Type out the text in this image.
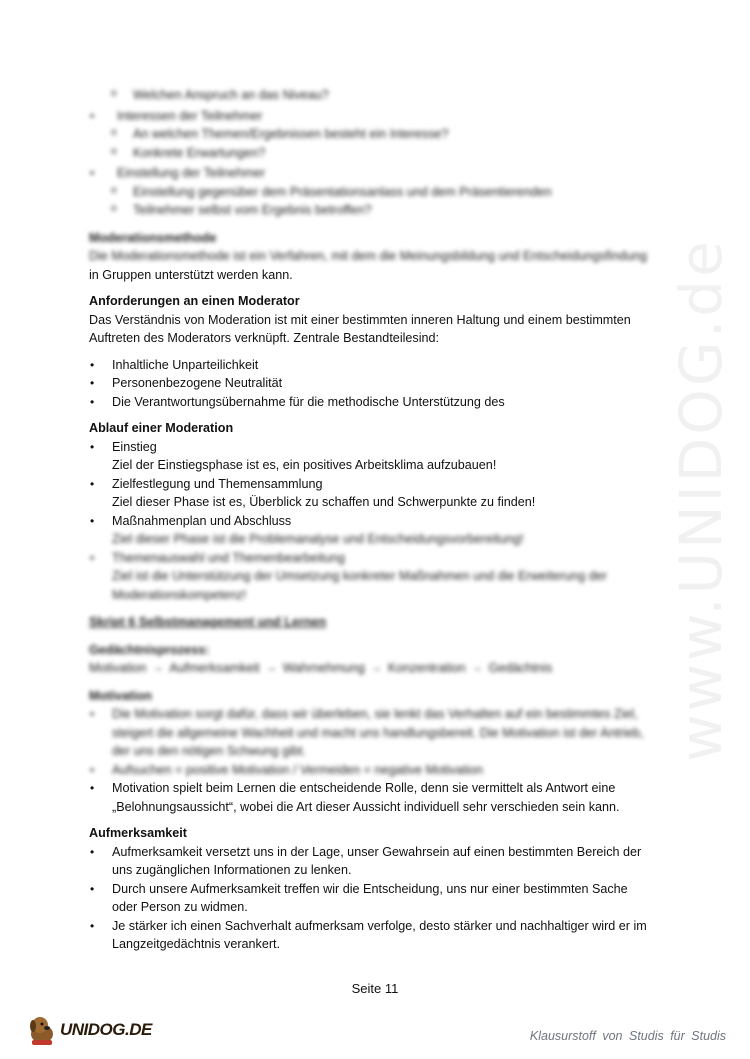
www.UNIDOG.de
o Welchen Anspruch an das Niveau?
• Interessen der Teilnehmer
o An welchen Themen/Ergebnissen besteht ein Interesse?
o Konkrete Erwartungen?
• Einstellung der Teilnehmer
o Einstellung gegenüber dem Präsentationsanlass und dem Präsentierenden
o Teilnehmer selbst vom Ergebnis betroffen?

Moderationsmethode

Die Moderationsmethode ist ein Verfahren, mit dem die Meinungsbildung und Entscheidungsfindung

in Gruppen unterstützt werden kann.

Anforderungen an einen Moderator

Das Verständnis von Moderation ist mit einer bestimmten inneren Haltung und einem bestimmten

Auftreten des Moderators verknüpft. Zentrale Bestandteilesind:

• Inhaltliche Unparteilichkeit
• Personenbezogene Neutralität
• Die Verantwortungsübernahme für die methodische Unterstützung des

Ablauf einer Moderation

• Einstieg
Ziel der Einstiegsphase ist es, ein positives Arbeitsklima aufzubauen!
• Zielfestlegung und Themensammlung
Ziel dieser Phase ist es, Überblick zu schaffen und Schwerpunkte zu finden!
• Maßnahmenplan und Abschluss
Ziel dieser Phase ist die Problemanalyse und Entscheidungsvorbereitung!
• Themenauswahl und Themenbearbeitung
Ziel ist die Unterstützung der Umsetzung konkreter Maßnahmen und die Erweiterung der
Moderationskompetenz!

Skript 6 Selbstmanagement und Lernen

Gedächtnisprozess:

Motivation → Aufmerksamkeit → Wahrnehmung → Konzentration → Gedächtnis

Motivation

• Die Motivation sorgt dafür, dass wir überleben, sie lenkt das Verhalten auf ein bestimmtes Ziel,
steigert die allgemeine Wachheit und macht uns handlungsbereit. Die Motivation ist der Antrieb,
der uns den nötigen Schwung gibt.
• Aufsuchen = positive Motivation / Vermeiden = negative Motivation
• Motivation spielt beim Lernen die entscheidende Rolle, denn sie vermittelt als Antwort eine
„Belohnungsaussicht“, wobei die Art dieser Aussicht individuell sehr verschieden sein kann.

Aufmerksamkeit

• Aufmerksamkeit versetzt uns in der Lage, unser Gewahrsein auf einen bestimmten Bereich der
uns zugänglichen Informationen zu lenken.
• Durch unsere Aufmerksamkeit treffen wir die Entscheidung, uns nur einer bestimmten Sache
oder Person zu widmen.
• Je stärker ich einen Sachverhalt aufmerksam verfolge, desto stärker und nachhaltiger wird er im
Langzeitgedächtnis verankert.
Seite 11
UNIDOG.DE	Klausurstoff von Studis für Studis
